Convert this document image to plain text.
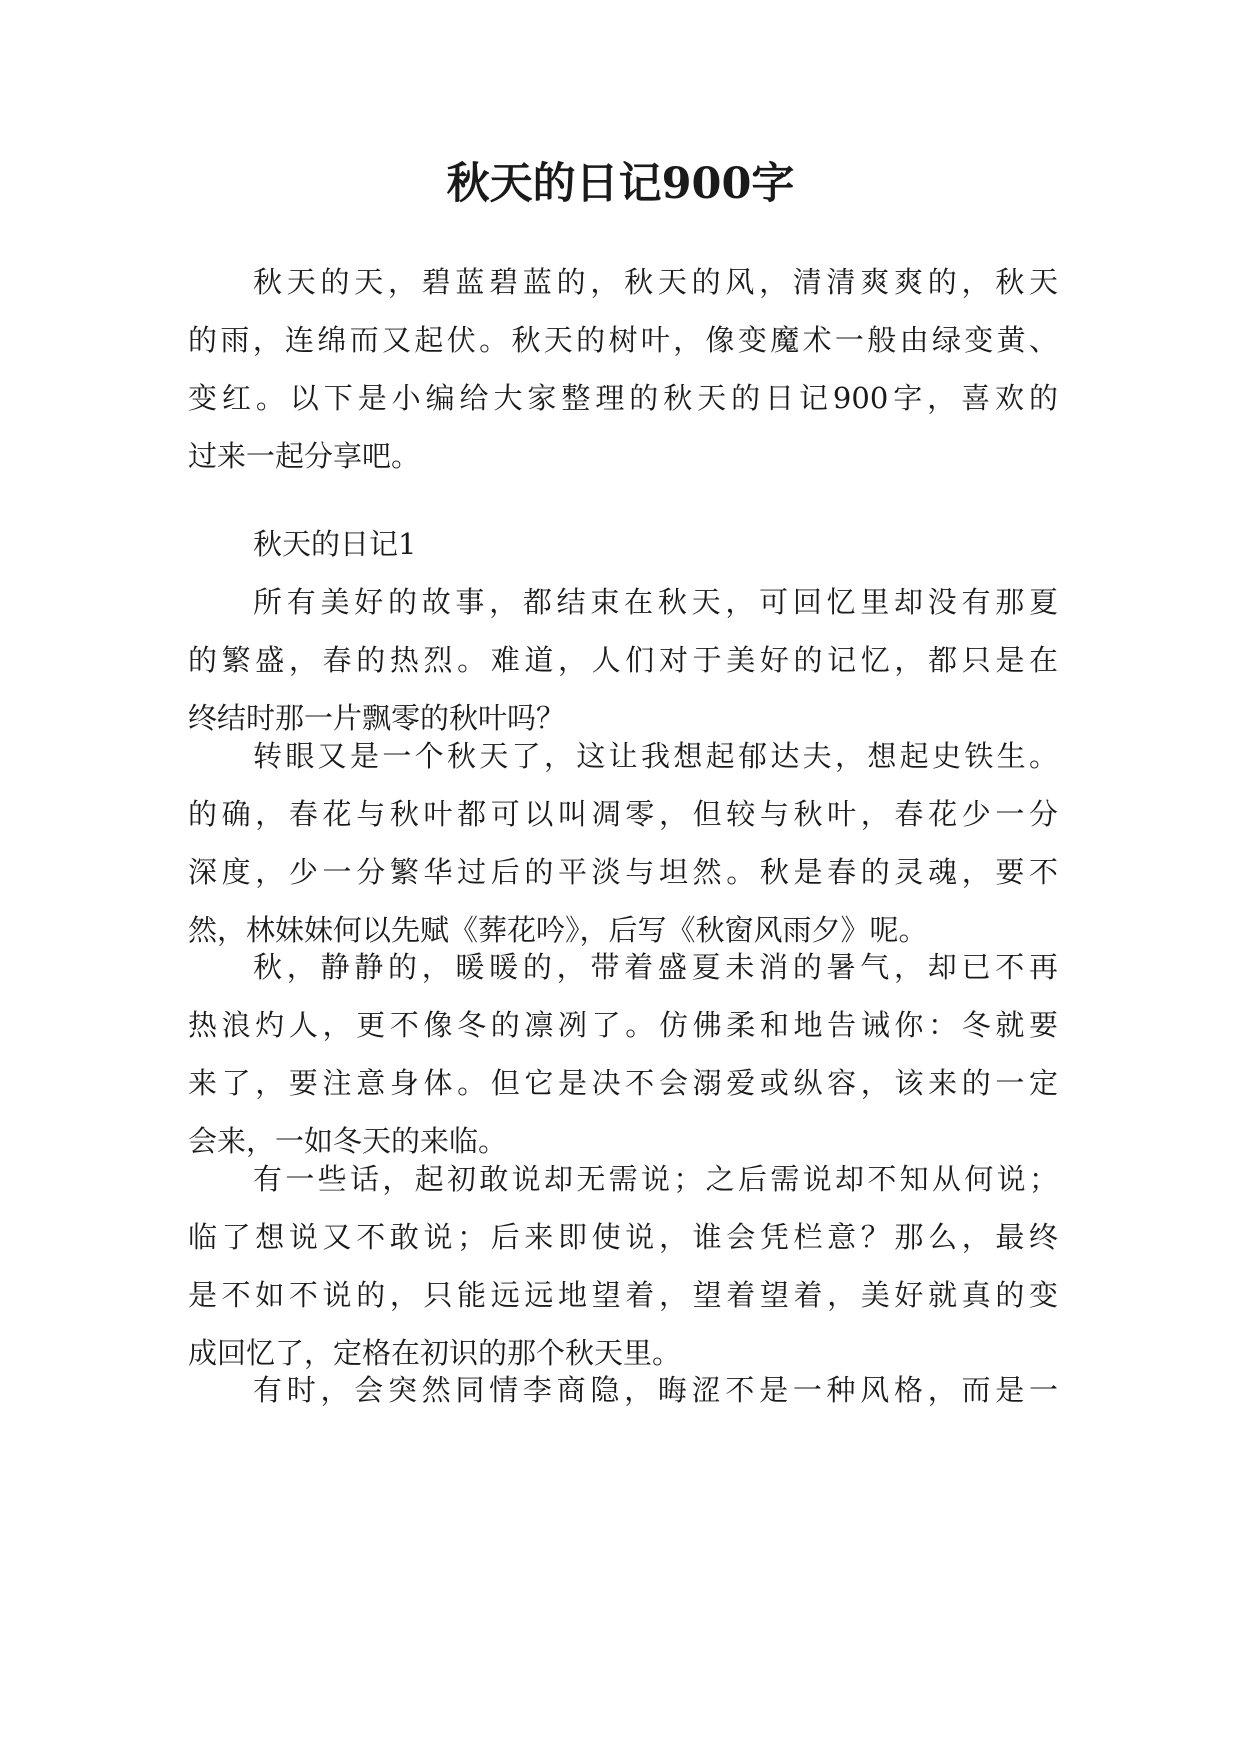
秋天的日记900字
秋天的天，碧蓝碧蓝的，秋天的风，清清爽爽的，秋天
的雨，连绵而又起伏。秋天的树叶，像变魔术一般由绿变黄、
变红。以下是小编给大家整理的秋天的日记900字，喜欢的
过来一起分享吧。
秋天的日记1
所有美好的故事，都结束在秋天，可回忆里却没有那夏
的繁盛，春的热烈。难道，人们对于美好的记忆，都只是在
终结时那一片飘零的秋叶吗？
转眼又是一个秋天了，这让我想起郁达夫，想起史铁生。
的确，春花与秋叶都可以叫凋零，但较与秋叶，春花少一分
深度，少一分繁华过后的平淡与坦然。秋是春的灵魂，要不
然，林妹妹何以先赋《葬花吟》，后写《秋窗风雨夕》呢。
秋，静静的，暖暖的，带着盛夏未消的暑气，却已不再
热浪灼人，更不像冬的凛冽了。仿佛柔和地告诫你：冬就要
来了，要注意身体。但它是决不会溺爱或纵容，该来的一定
会来，一如冬天的来临。
有一些话，起初敢说却无需说；之后需说却不知从何说；
临了想说又不敢说；后来即使说，谁会凭栏意？那么，最终
是不如不说的，只能远远地望着，望着望着，美好就真的变
成回忆了，定格在初识的那个秋天里。
有时，会突然同情李商隐，晦涩不是一种风格，而是一
